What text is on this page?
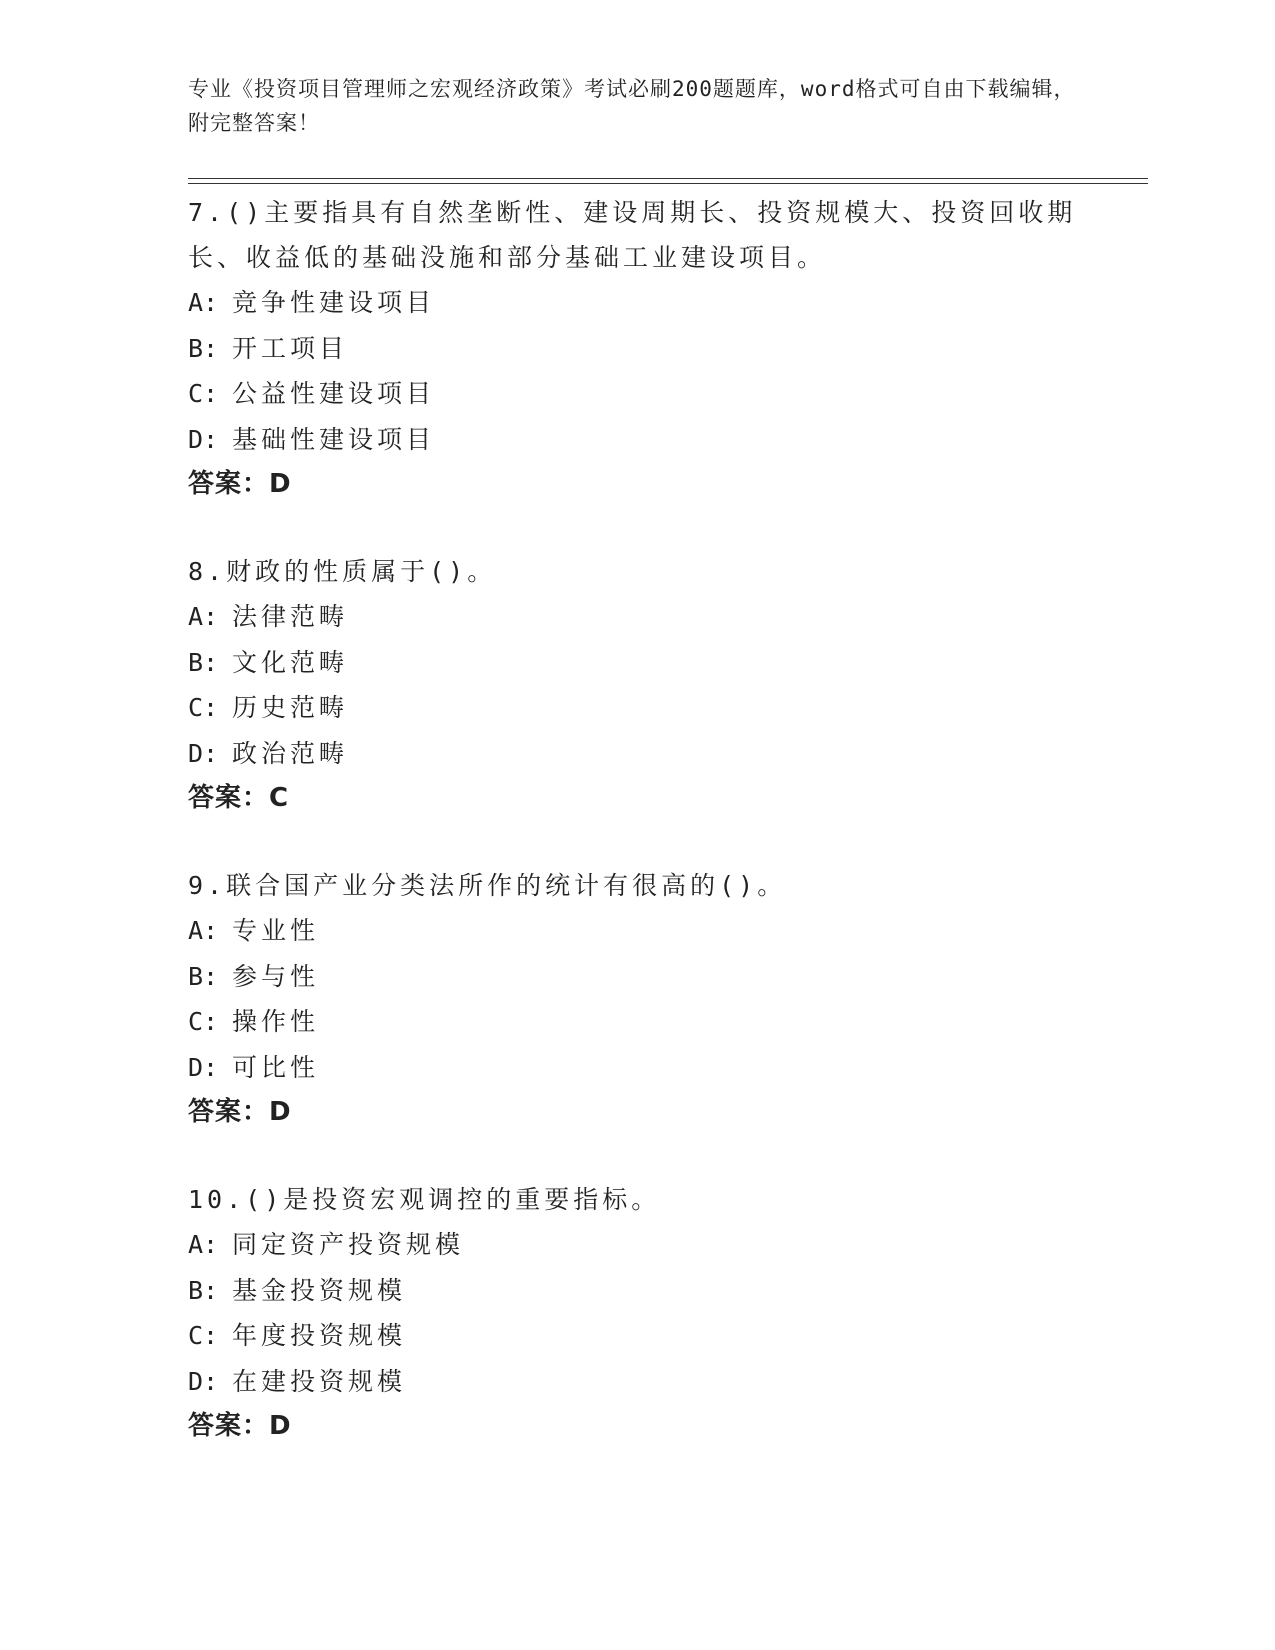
专业《投资项目管理师之宏观经济政策》考试必刷200题题库，word格式可自由下载编辑，附完整答案！

7.()主要指具有自然垄断性、建设周期长、投资规模大、投资回收期长、收益低的基础没施和部分基础工业建设项目。

A: 竞争性建设项目

B: 开工项目

C: 公益性建设项目

D: 基础性建设项目

答案：D

8.财政的性质属于()。

A: 法律范畴

B: 文化范畴

C: 历史范畴

D: 政治范畴

答案：C

9.联合国产业分类法所作的统计有很高的()。

A: 专业性

B: 参与性

C: 操作性

D: 可比性

答案：D

10.()是投资宏观调控的重要指标。

A: 同定资产投资规模

B: 基金投资规模

C: 年度投资规模

D: 在建投资规模

答案：D
